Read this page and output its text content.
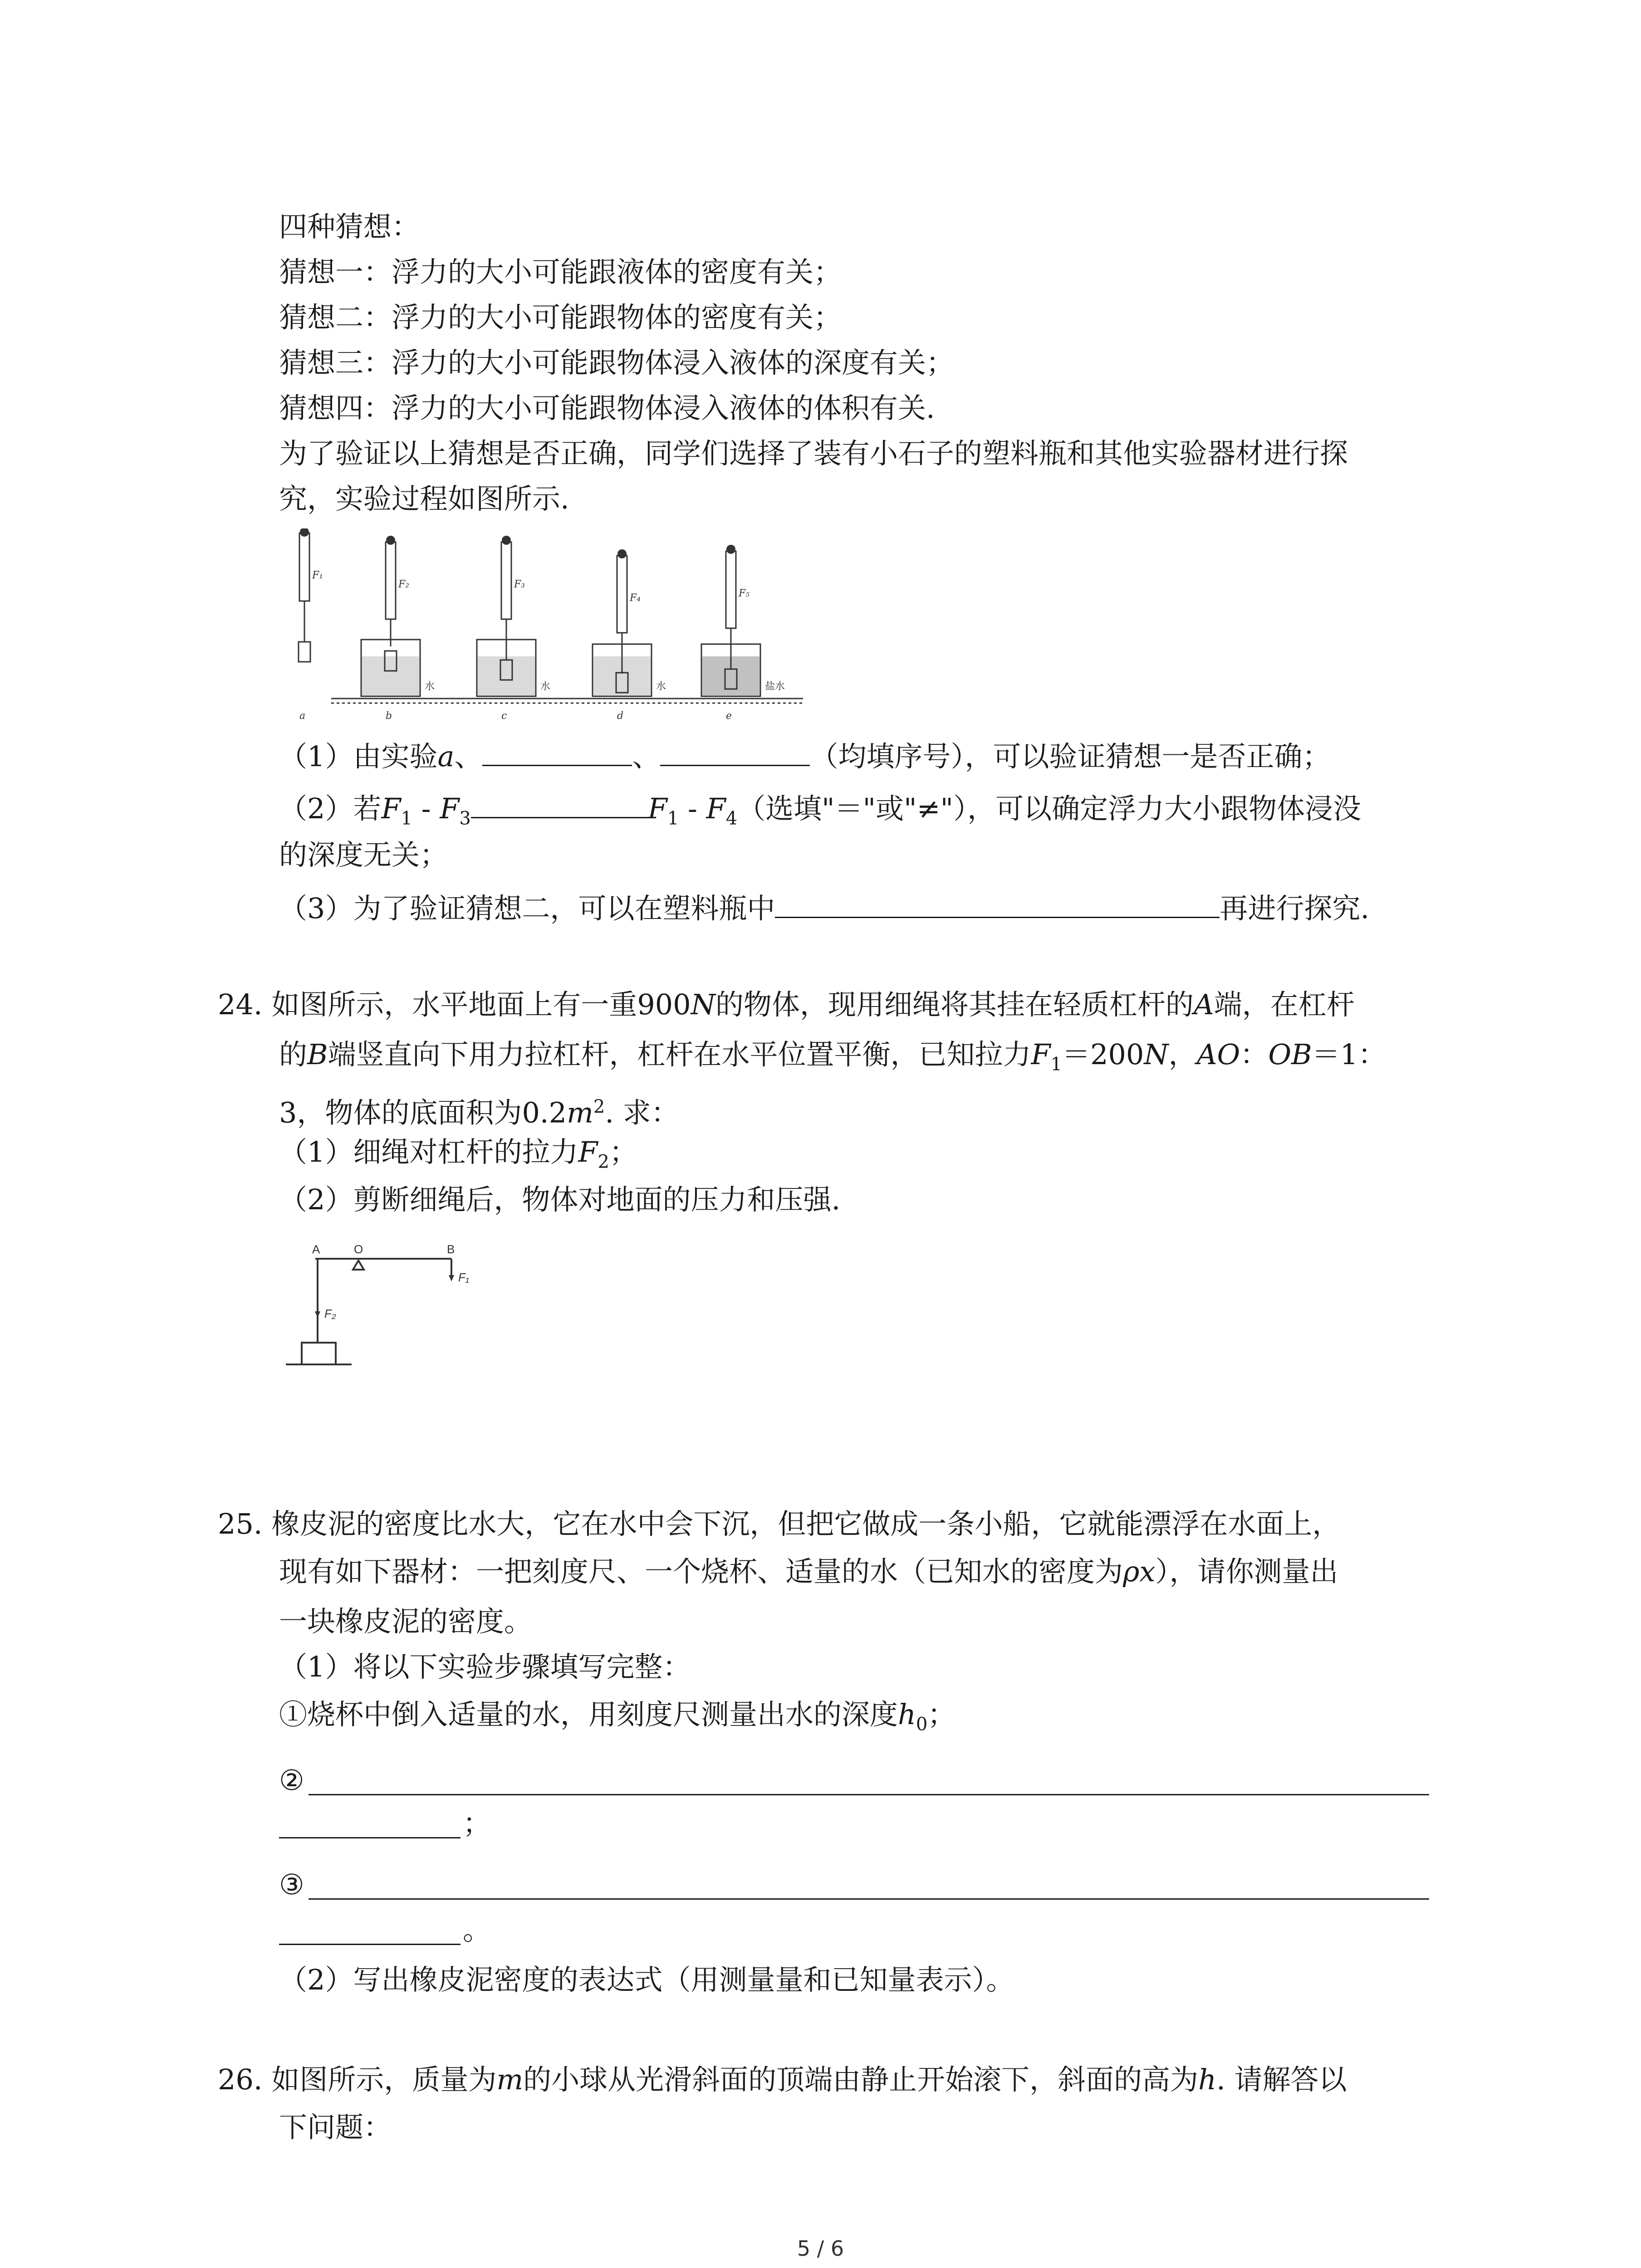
四种猜想：
猜想一：浮力的大小可能跟液体的密度有关；
猜想二：浮力的大小可能跟物体的密度有关；
猜想三：浮力的大小可能跟物体浸入液体的深度有关；
猜想四：浮力的大小可能跟物体浸入液体的体积有关.
为了验证以上猜想是否正确，同学们选择了装有小石子的塑料瓶和其他实验器材进行探
究，实验过程如图所示.
F₁
F₂	F₃
F₄	F₅
a	b	c	d	e
水	水	水	盐水
（1）由实验a、	、	（均填序号），可以验证猜想一是否正确；
（2）若$F_1 - F_3$	$F_1 - F_4$（选填"＝"或"≠"），可以确定浮力大小跟物体浸没
的深度无关；
（3）为了验证猜想二，可以在塑料瓶中	再进行探究.
24. 如图所示，水平地面上有一重900N的物体，现用细绳将其挂在轻质杠杆的A端，在杠杆
的B端竖直向下用力拉杠杆，杠杆在水平位置平衡，已知拉力$F_1=200N$，AO：OB＝1：
3，物体的底面积为$0.2m^2$. 求：
（1）细绳对杠杆的拉力$F_2$；
（2）剪断细绳后，物体对地面的压力和压强.
A	O	B
F₁
F₂
25. 橡皮泥的密度比水大，它在水中会下沉，但把它做成一条小船，它就能漂浮在水面上，
现有如下器材：一把刻度尺、一个烧杯、适量的水（已知水的密度为ρx），请你测量出
一块橡皮泥的密度。
（1）将以下实验步骤填写完整：
①烧杯中倒入适量的水，用刻度尺测量出水的深度$h_0$；
②
；
③
。
（2）写出橡皮泥密度的表达式（用测量量和已知量表示）。
26. 如图所示，质量为m的小球从光滑斜面的顶端由静止开始滚下，斜面的高为h. 请解答以
下问题：
5 / 6
